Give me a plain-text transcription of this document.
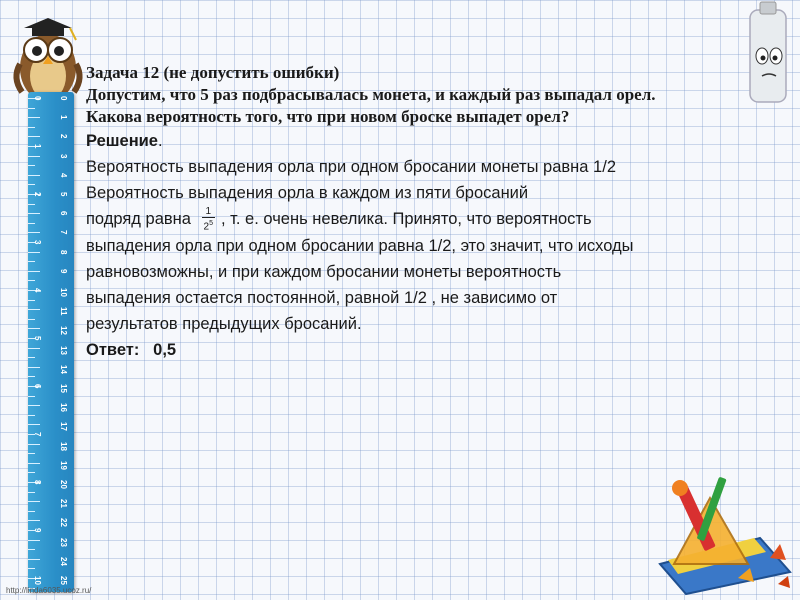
0
1
2
3
4
5
6
7
8
9
10
11
12
13
14
15
16
17
18
19
20
21
22
23
24
25
0
1
2
3
4
5
6
7
8
9
10
Задача 12 (не допустить ошибки)
Допустим, что 5 раз подбрасывалась монета, и каждый раз выпадал орел.
Какова вероятность того, что при новом броске выпадет орел?
Решение.
Вероятность выпадения орла при одном бросании монеты равна 1/2
Вероятность выпадения орла в каждом из пяти бросаний
подряд равна $\frac{1}{2^5}$ , т. е. очень невелика. Принято, что вероятность
выпадения орла при одном бросании равна 1/2, это значит, что исходы
равновозможны, и при каждом бросании монеты вероятность
выпадения остается постоянной, равной 1/2 , не зависимо от
результатов предыдущих бросаний.
Ответ: 0,5
http://linda6035.ucoz.ru/
